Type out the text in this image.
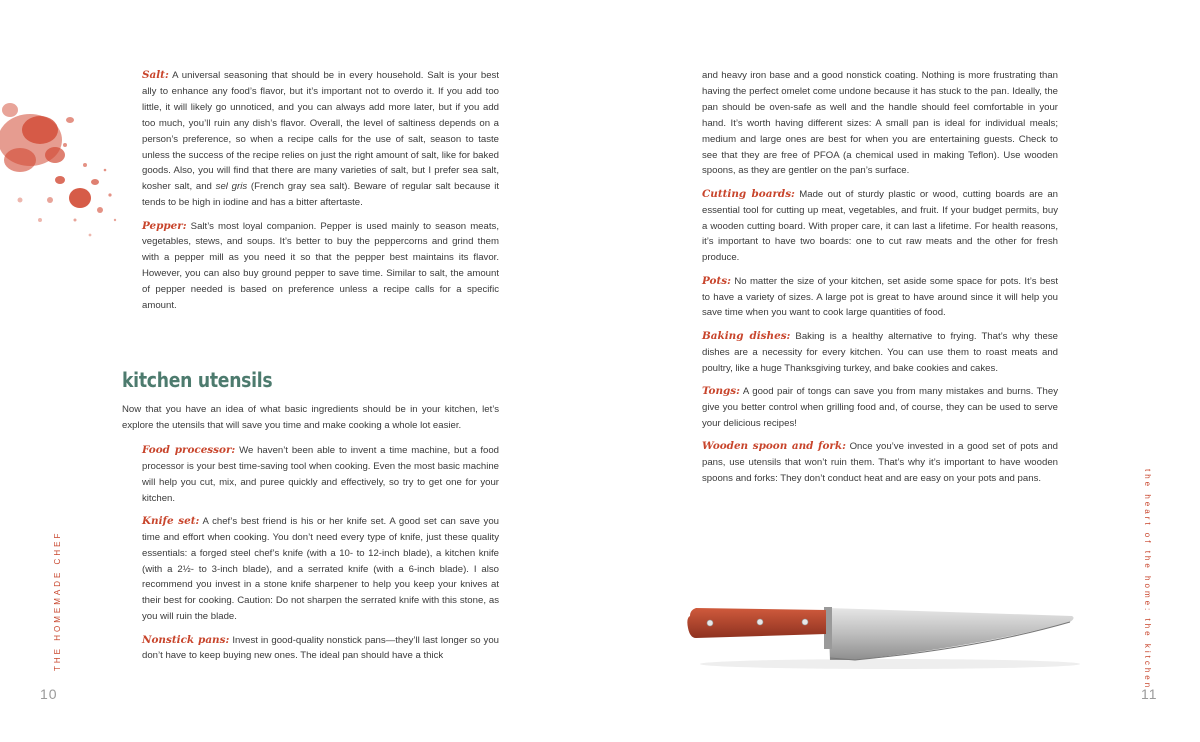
Salt: A universal seasoning that should be in every household. Salt is your best ally to enhance any food’s flavor, but it’s important not to overdo it. If you add too little, it will likely go unnoticed, and you can always add more later, but if you add too much, you’ll ruin any dish’s flavor. Overall, the level of saltiness depends on a person’s preference, so when a recipe calls for the use of salt, season to taste unless the success of the recipe relies on just the right amount of salt, like for baked goods. Also, you will find that there are many varieties of salt, but I prefer sea salt, kosher salt, and sel gris (French gray sea salt). Beware of regular salt because it tends to be high in iodine and has a bitter aftertaste.

Pepper: Salt’s most loyal companion. Pepper is used mainly to season meats, vegetables, stews, and soups. It’s better to buy the peppercorns and grind them with a pepper mill as you need it so that the pepper best maintains its flavor. However, you can also buy ground pepper to save time. Similar to salt, the amount of pepper needed is based on preference unless a recipe calls for a specific amount.

kitchen utensils

Now that you have an idea of what basic ingredients should be in your kitchen, let’s explore the utensils that will save you time and make cooking a whole lot easier.

Food processor: We haven’t been able to invent a time machine, but a food processor is your best time-saving tool when cooking. Even the most basic machine will help you cut, mix, and puree quickly and effectively, so try to get one for your kitchen.

Knife set: A chef’s best friend is his or her knife set. A good set can save you time and effort when cooking. You don’t need every type of knife, just these quality essentials: a forged steel chef’s knife (with a 10- to 12-inch blade), a kitchen knife (with a 2½- to 3-inch blade), and a serrated knife (with a 6-inch blade). I also recommend you invest in a stone knife sharpener to help you keep your knives at their best for cooking. Caution: Do not sharpen the serrated knife with this stone, as you will ruin the blade.

Nonstick pans: Invest in good-quality nonstick pans—they’ll last longer so you don’t have to keep buying new ones. The ideal pan should have a thick

THE HOMEMADE CHEF
10

and heavy iron base and a good nonstick coating. Nothing is more frustrating than having the perfect omelet come undone because it has stuck to the pan. Ideally, the pan should be oven-safe as well and the handle should feel comfortable in your hand. It’s worth having different sizes: A small pan is ideal for individual meals; medium and large ones are best for when you are entertaining guests. Check to see that they are free of PFOA (a chemical used in making Teflon). Use wooden spoons, as they are gentler on the pan’s surface.

Cutting boards: Made out of sturdy plastic or wood, cutting boards are an essential tool for cutting up meat, vegetables, and fruit. If your budget permits, buy a wooden cutting board. With proper care, it can last a lifetime. For health reasons, it’s important to have two boards: one to cut raw meats and the other for fresh produce.

Pots: No matter the size of your kitchen, set aside some space for pots. It’s best to have a variety of sizes. A large pot is great to have around since it will help you save time when you want to cook large quantities of food.

Baking dishes: Baking is a healthy alternative to frying. That’s why these dishes are a necessity for every kitchen. You can use them to roast meats and poultry, like a huge Thanksgiving turkey, and bake cookies and cakes.

Tongs: A good pair of tongs can save you from many mistakes and burns. They give you better control when grilling food and, of course, they can be used to serve your delicious recipes!

Wooden spoon and fork: Once you’ve invested in a good set of pots and pans, use utensils that won’t ruin them. That’s why it’s important to have wooden spoons and forks: They don’t conduct heat and are easy on your pots and pans.	the heart of the home: the kitchen
11
